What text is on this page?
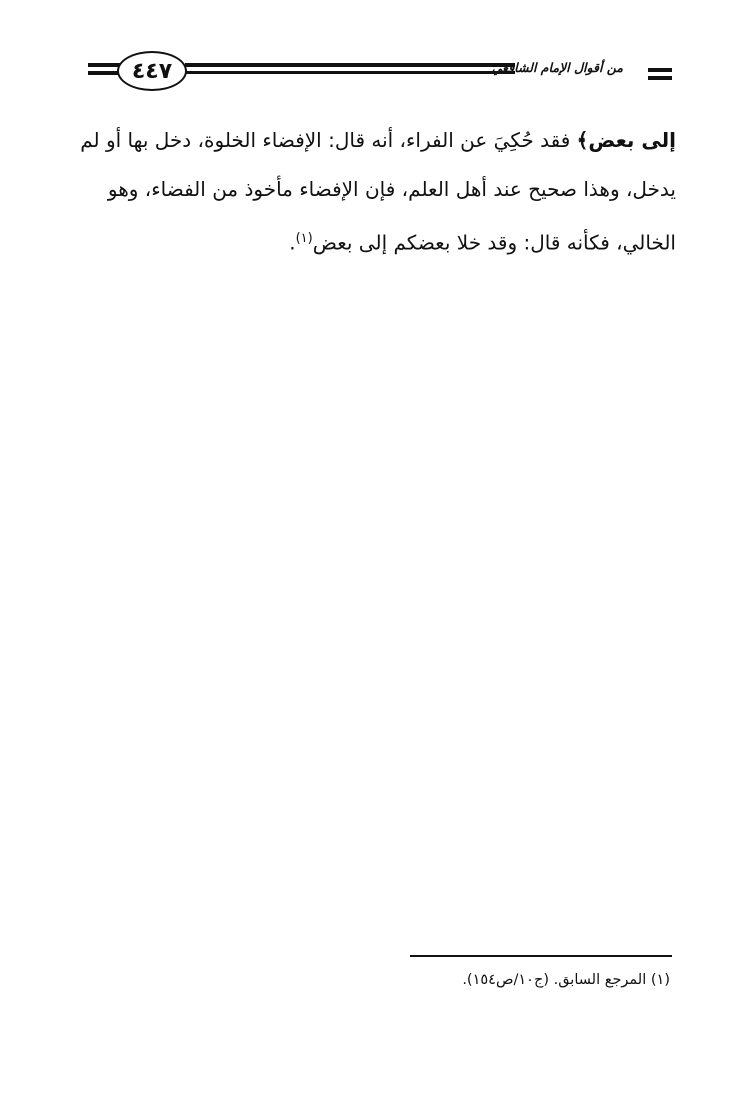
٤٤٧	من أقوال الإمام الشافعي
إلى بعض﴾ فقد حُكِيَ عن الفراء، أنه قال: الإفضاء الخلوة، دخل بها أو لم
يدخل، وهذا صحيح عند أهل العلم، فإن الإفضاء مأخوذ من الفضاء، وهو
الخالي، فكأنه قال: وقد خلا بعضكم إلى بعض$^{(١)}$.
(١) المرجع السابق. (ج١٠/ص١٥٤).
